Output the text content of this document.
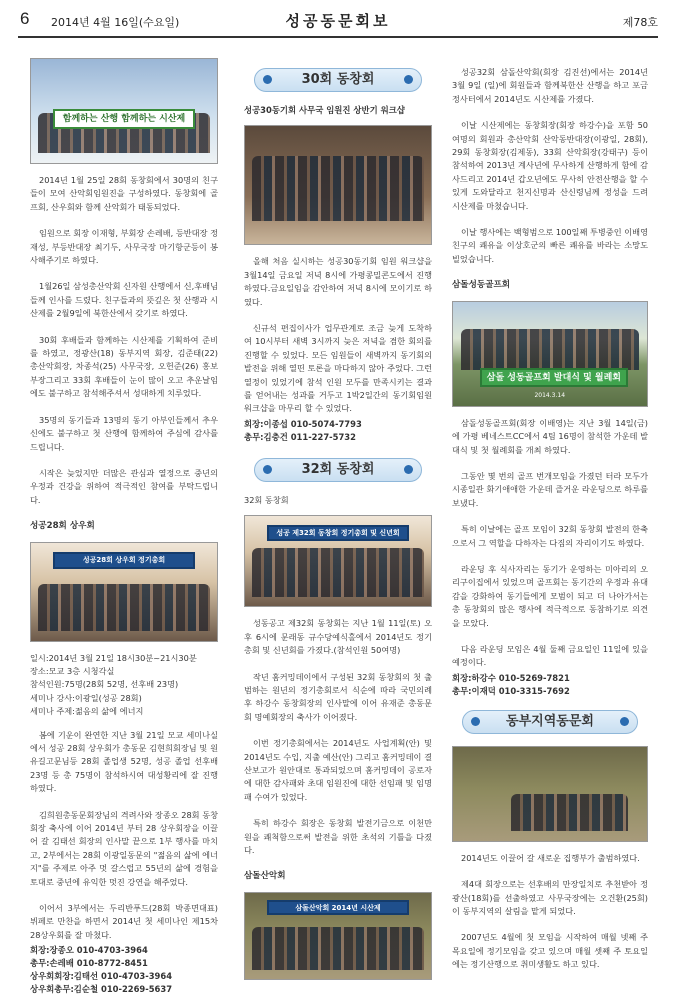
6 2014년 4월 16일(수요일)	성공동문회보	제78호
함께하는 산행 함께하는 시산제

2014년 1월 25일 28회 동창회에서 30명의 친구들이 모여 산악회임원진을 구성하였다. 동창회에 골프회, 산우회와 함께 산악회가 태동되었다.

임원으로 회장 이재형, 부회장 손레배, 등반대장 정 재성, 부등반대장 최기두, 사무국장 마기항군등이 봉사해주기로 하였다.

1월26일 삼성총산악회 신자원 산행에서 신,후배님들께 인사를 드렸다. 친구들과의 뜻깊은 첫 산행과 시산제를 2월9일에 북한산에서 갖기로 하였다.

30회 후배들과 함께하는 시산제를 기획하여 준비를 하였고, 정광산(18) 동부지역 회장, 김준태(22) 총산악회장, 차종석(25) 사무국장, 오헌준(26) 홍보부장그리고 33회 후배들이 눈이 많이 오고 추운날임에도 불구하고 참석해주셔서 성대하게 치루었다.

35명의 동기들과 13명의 동기 아부인들께서 추우신에도 불구하고 첫 산행에 함께하여 주심에 감사를 드립니다.

시작은 늦었지만 더많은 관심과 열정으로 중년의 우정과 건강을 위하여 적극적인 참여를 부탁드립니다.

성공28회 상우회
성공28회 상우회 정기총회
일시:2014년 3월 21일 18시30분~21시30분
장소:모교 3층 시청각실
참석인원:75명(28회 52명, 선후배 23명)
세미나 강사:이광일(성공 28회)
세미나 주제:젊음의 삶에 에너지

봄에 기운이 완연한 지난 3월 21일 모교 세미나실에서 성공 28회 상우회가 총동문 김현희회장님 및 원유길고문님등 28회 졸업생 52명, 성공 졸업 선후배 23명 등 총 75명이 참석하시여 대성황리에 잘 진행하였다.

김희원총동문회장님의 격려사와 장종오 28회 동창회장 축사에 이어 2014년 부터 28 상우회장을 이끌어 갈 김태선 회장의 인사말 끝으로 1부 행사를 마치고, 2부에서는 28회 이광일동문의 "젊음의 삶에 에너지"를 주제로 아주 멋 갈스럽고 55년의 삶에 경험을 토대로 중년에 유익한 멋진 강연을 해주었다.

이어서 3부에서는 두리반푸드(28회 박종면대표) 뷔페로 만찬을 하면서 2014년 첫 세미나인 제15차 28상우회를 잘 마쳤다.

회장:장종오 010-4703-3964
총무:손레배 010-8772-8451
상우회회장:김태선 010-4703-3964
상우회총무:김순철 010-2269-5637
30회 동창회
성공30동기회 사무국 임원진 상반기 워크샵

올해 처음 실시하는 성공30동기회 임원 워크샵을 3월14일 금요일 저녁 8시에 가평콩밀콘도에서 진행하였다.금요일임을 감안하여 저녁 8시에 모이기로 하였다.

신규석 편집이사가 업무관계로 조금 늦게 도착하여 10시부터 새벽 3시까지 늦은 저녁을 겸한 회의를 진행할 수 있었다. 모든 임원들이 새벽까지 동기회의 발전을 위해 열띤 토론을 마다하지 않아 주었다. 그런 열정이 있었기에 참석 인원 모두를 만족시키는 결과를 얻어내는 성과를 거두고 1박2일간의 동기회임원 워크샵을 마무리 할 수 있었다.

회장:이종섭 010-5074-7793
총무:김충건 011-227-5732
32회 동창회
32회 동창회
성공 제32회 동창회 정기총회 및 신년회

성동공고 제32회 동창회는 지난 1월 11일(토) 오후 6시에 문래동 규수당예식홀에서 2014년도 정기총회 및 신년회를 가졌다.(참석인원 50여명)

작년 홈커밍데이에서 구성된 32회 동창회의 첫 출범하는 원년의 정기총회로서 식순에 따라 국민의례 후 하강수 동창회장의 인사말에 이어 유재준 총동문회 명예회장의 축사가 이어졌다.

이번 정기총회에서는 2014년도 사업계획(안) 및 2014년도 수입, 지출 예산(안) 그리고 홈커밍데이 결산보고가 원안대로 통과되었으며 홈커밍데이 공로자에 대한 감사패와 초대 임원진에 대한 선임패 및 임명패 수여가 있었다.

특히 하강수 회장은 동창회 발전기금으로 이천만원을 쾌척함으로써 발전을 위한 초석의 기틀을 다졌다.

삼돌산악회
삼돌산악회 2014년 시산제

성공32회 삼돌산악회(회장 김진선)에서는 2014년 3월 9일 (일)에 회원들과 함께북한산 산행을 하고 포금정사터에서 2014년도 시산제를 가졌다.

이날 시산제에는 동창회장(회장 하강수)을 포함 50여명의 회원과 총산악회 산악동반대장(이광일, 28회), 29회 동창회장(김제동), 33회 산악회장(강태구) 등이 참석하여 2013년 계사년에 무사하게 산행하게 함에 감사드리고 2014년 갑오년에도 무사히 안전산행을 할 수 있게 도와달라고 천지신명과 산신령님께 정성을 드려 시산제를 마쳤습니다.

이날 행사에는 백형범으로 100일째 투병중인 이배영 친구의 쾌유을 이상호군의 빠른 쾌유를 바라는 소망도 빌었습니다.

삼돌성동골프회
삼돌 성동골프회 발대식 및 월례회
2014.3.14

삼돌성동골프회(회장 이배영)는 지난 3월 14일(금)에 가평 베네스트CC에서 4팀 16명이 참석한 가운데 발대식 및 첫 월례회를 개최 하였다.

그동안 몇 번의 골프 번개모임을 가졌던 터라 모두가 시종일관 화기애애한 가운데 즐거운 라운딩으로 하루를 보냈다.

특히 이날에는 골프 모임이 32회 동창회 발전의 한축으로서 그 역할을 다하자는 다짐의 자리이기도 하였다.

라운딩 후 식사자리는 동기가 운영하는 미아리의 오리구이집에서 있었으며 골프회는 동기간의 우정과 유대감을 강화하여 동기들에게 모범이 되고 더 나아가서는 총 동창회의 많은 행사에 적극적으로 동참하기로 의견을 모았다.

다음 라운딩 모임은 4월 둘째 금요일인 11일에 있을 예정이다.

회장:하강수 010-5269-7821
총무:이재덕 010-3315-7692
동부지역동문회

2014년도 이끌어 갈 새로운 집행부가 출범하였다.

제4대 회장으로는 선후배의 만장일치로 추천받아 정광산(18회)를 선출하였고 사무국장에는 오건환(25회)이 동부지역의 살림을 맡게 되었다.

2007년도 4월에 첫 모임을 시작하여 매월 넷째 주 목요일에 정기모임을 갖고 있으며 매월 셋째 주 토요일에는 정기산행으로 취미생활도 하고 있다.
